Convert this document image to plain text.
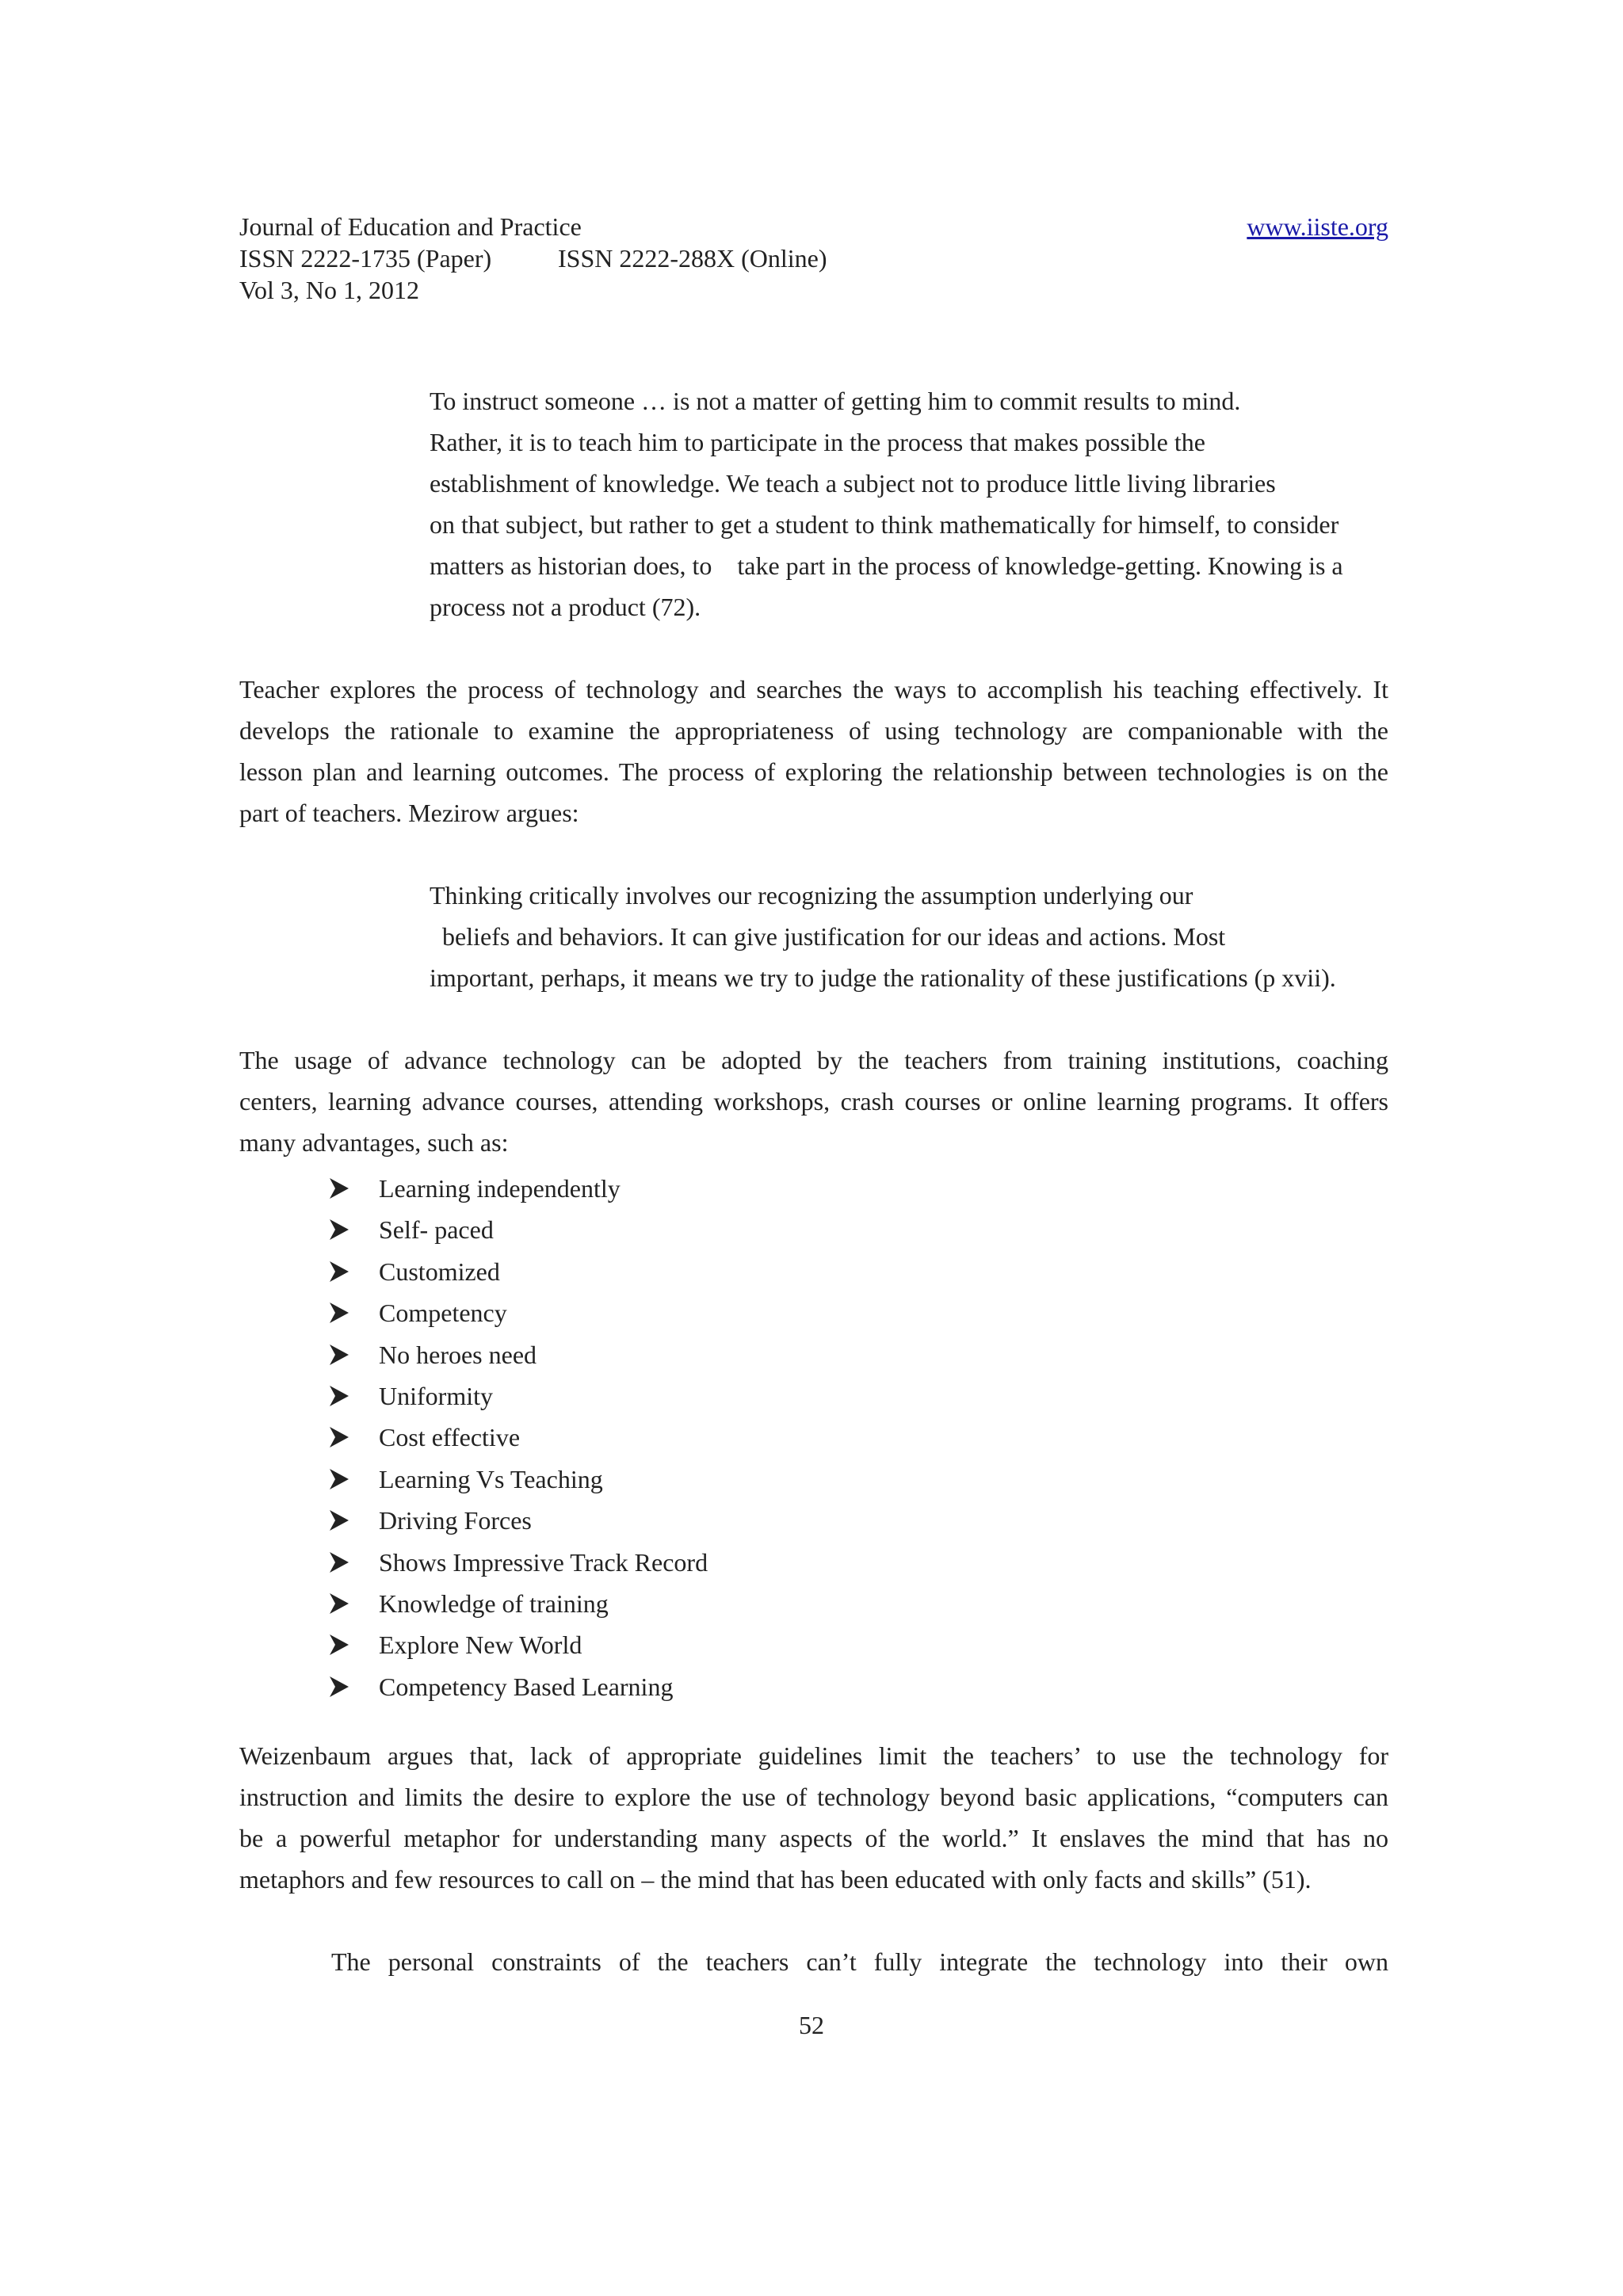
Journal of Education and Practice	www.iiste.org
ISSN 2222-1735 (Paper)	ISSN 2222-288X (Online)
Vol 3, No 1, 2012
To instruct someone … is not a matter of getting him to commit results to mind.
Rather, it is to teach him to participate in the process that makes possible the
establishment of knowledge. We teach a subject not to produce little living libraries
on that subject, but rather to get a student to think mathematically for himself, to consider
matters as historian does, to    take part in the process of knowledge-getting. Knowing is a
process not a product (72).
Teacher explores the process of technology and searches the ways to accomplish his teaching effectively. It
develops the rationale to examine the appropriateness of using technology are companionable with the
lesson plan and learning outcomes. The process of exploring the relationship between technologies is on the
part of teachers. Mezirow argues:
Thinking critically involves our recognizing the assumption underlying our
beliefs and behaviors. It can give justification for our ideas and actions. Most
important, perhaps, it means we try to judge the rationality of these justifications (p xvii).
The usage of advance technology can be adopted by the teachers from training institutions, coaching
centers, learning advance courses, attending workshops, crash courses or online learning programs. It offers
many advantages, such as:
Learning independently
Self- paced
Customized
Competency
No heroes need
Uniformity
Cost effective
Learning Vs Teaching
Driving Forces
Shows Impressive Track Record
Knowledge of training
Explore New World
Competency Based Learning
Weizenbaum argues that, lack of appropriate guidelines limit the teachers’ to use the technology for
instruction and limits the desire to explore the use of technology beyond basic applications, “computers can
be a powerful metaphor for understanding many aspects of the world.” It enslaves the mind that has no
metaphors and few resources to call on – the mind that has been educated with only facts and skills” (51).
The personal constraints of the teachers can’t fully integrate the technology into their own
52
